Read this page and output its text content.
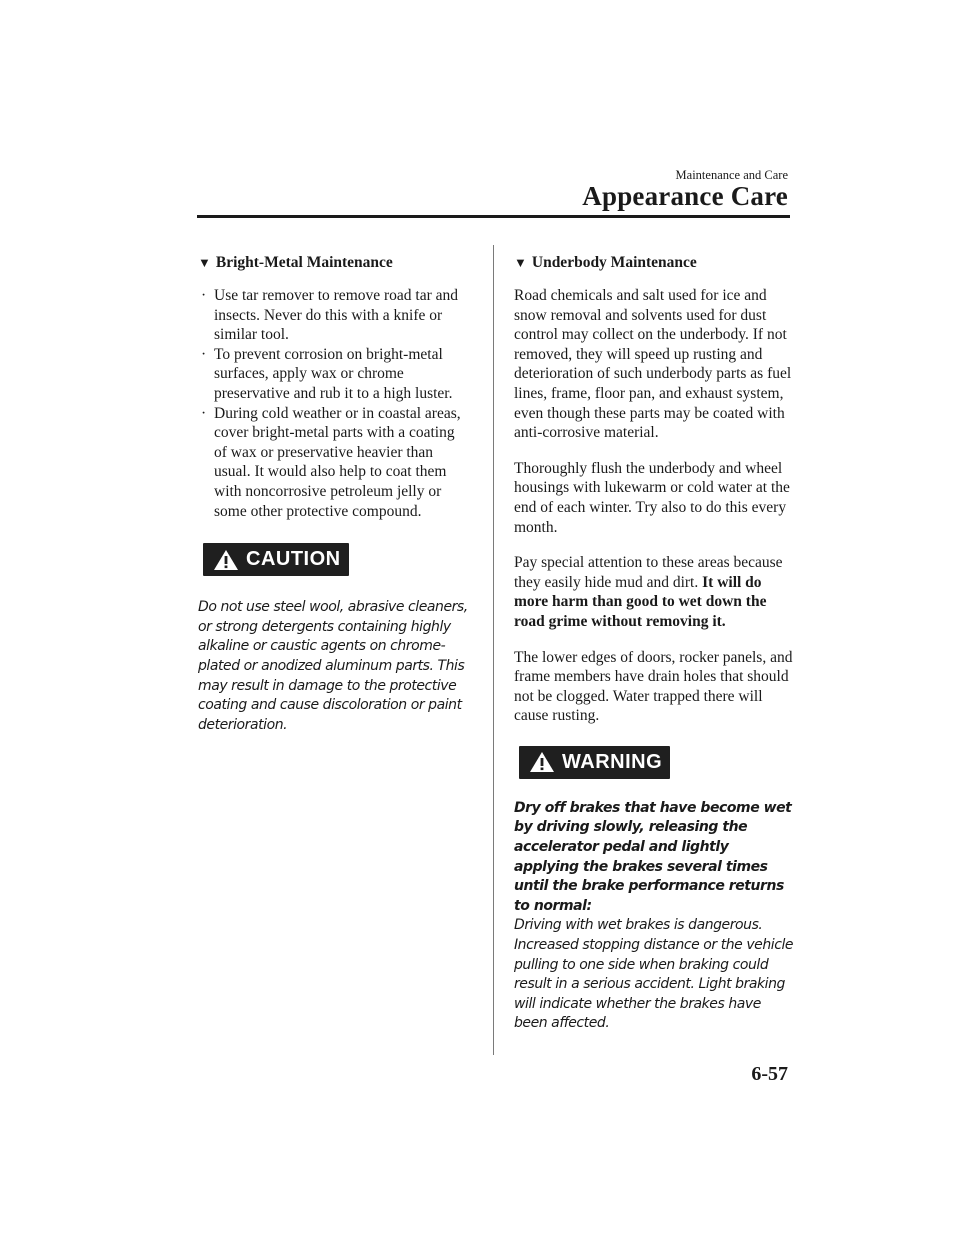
Maintenance and Care
Appearance Care
▼ Bright-Metal Maintenance
· Use tar remover to remove road tar and insects. Never do this with a knife or similar tool.
· To prevent corrosion on bright-metal surfaces, apply wax or chrome preservative and rub it to a high luster.
· During cold weather or in coastal areas, cover bright-metal parts with a coating of wax or preservative heavier than usual. It would also help to coat them with noncorrosive petroleum jelly or some other protective compound.
CAUTION

Do not use steel wool, abrasive cleaners, or strong detergents containing highly alkaline or caustic agents on chrome-plated or anodized aluminum parts. This may result in damage to the protective coating and cause discoloration or paint deterioration.

▼ Underbody Maintenance

Road chemicals and salt used for ice and snow removal and solvents used for dust control may collect on the underbody. If not removed, they will speed up rusting and deterioration of such underbody parts as fuel lines, frame, floor pan, and exhaust system, even though these parts may be coated with anti-corrosive material.

Thoroughly flush the underbody and wheel housings with lukewarm or cold water at the end of each winter. Try also to do this every month.

Pay special attention to these areas because they easily hide mud and dirt. It will do more harm than good to wet down the road grime without removing it.

The lower edges of doors, rocker panels, and frame members have drain holes that should not be clogged. Water trapped there will cause rusting.

WARNING

Dry off brakes that have become wet by driving slowly, releasing the accelerator pedal and lightly applying the brakes several times until the brake performance returns to normal:
Driving with wet brakes is dangerous. Increased stopping distance or the vehicle pulling to one side when braking could result in a serious accident. Light braking will indicate whether the brakes have been affected.

6-57
